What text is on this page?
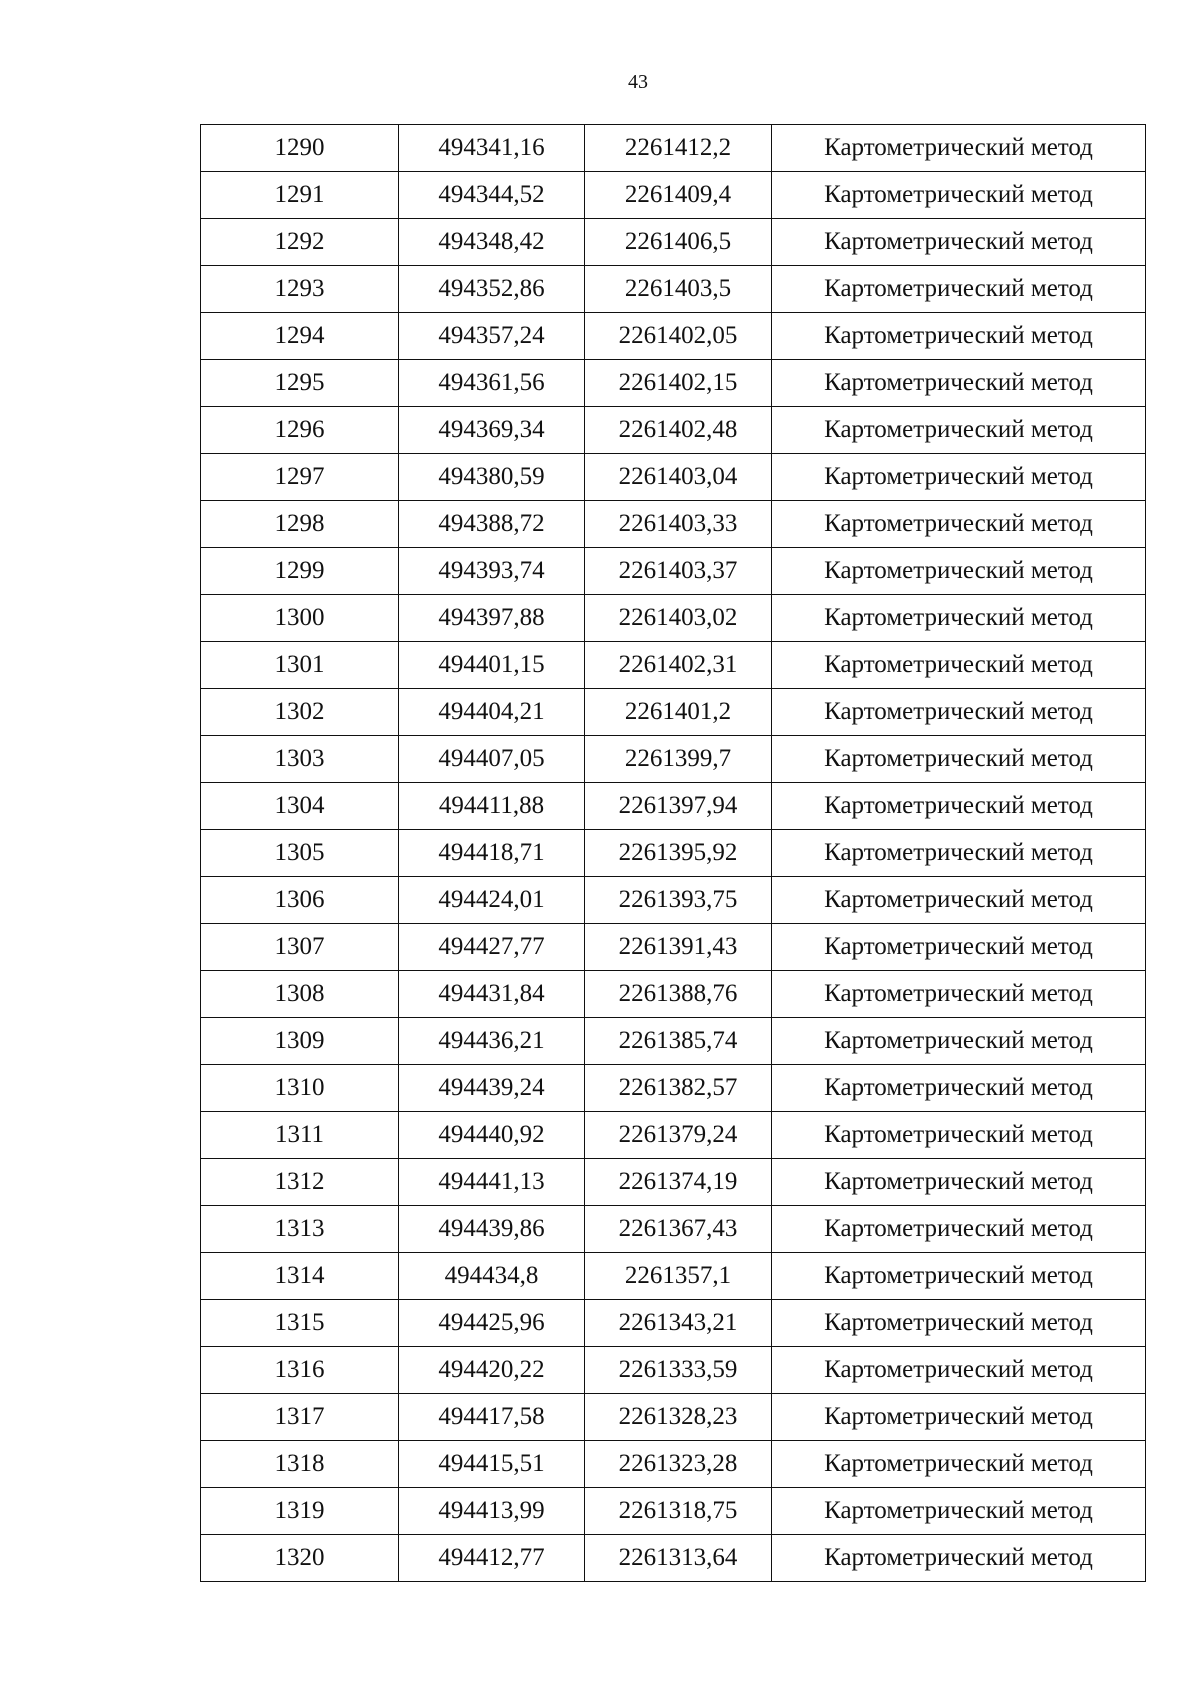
43
1290	494341,16	2261412,2	Картометрический метод
1291	494344,52	2261409,4	Картометрический метод
1292	494348,42	2261406,5	Картометрический метод
1293	494352,86	2261403,5	Картометрический метод
1294	494357,24	2261402,05	Картометрический метод
1295	494361,56	2261402,15	Картометрический метод
1296	494369,34	2261402,48	Картометрический метод
1297	494380,59	2261403,04	Картометрический метод
1298	494388,72	2261403,33	Картометрический метод
1299	494393,74	2261403,37	Картометрический метод
1300	494397,88	2261403,02	Картометрический метод
1301	494401,15	2261402,31	Картометрический метод
1302	494404,21	2261401,2	Картометрический метод
1303	494407,05	2261399,7	Картометрический метод
1304	494411,88	2261397,94	Картометрический метод
1305	494418,71	2261395,92	Картометрический метод
1306	494424,01	2261393,75	Картометрический метод
1307	494427,77	2261391,43	Картометрический метод
1308	494431,84	2261388,76	Картометрический метод
1309	494436,21	2261385,74	Картометрический метод
1310	494439,24	2261382,57	Картометрический метод
1311	494440,92	2261379,24	Картометрический метод
1312	494441,13	2261374,19	Картометрический метод
1313	494439,86	2261367,43	Картометрический метод
1314	494434,8	2261357,1	Картометрический метод
1315	494425,96	2261343,21	Картометрический метод
1316	494420,22	2261333,59	Картометрический метод
1317	494417,58	2261328,23	Картометрический метод
1318	494415,51	2261323,28	Картометрический метод
1319	494413,99	2261318,75	Картометрический метод
1320	494412,77	2261313,64	Картометрический метод
